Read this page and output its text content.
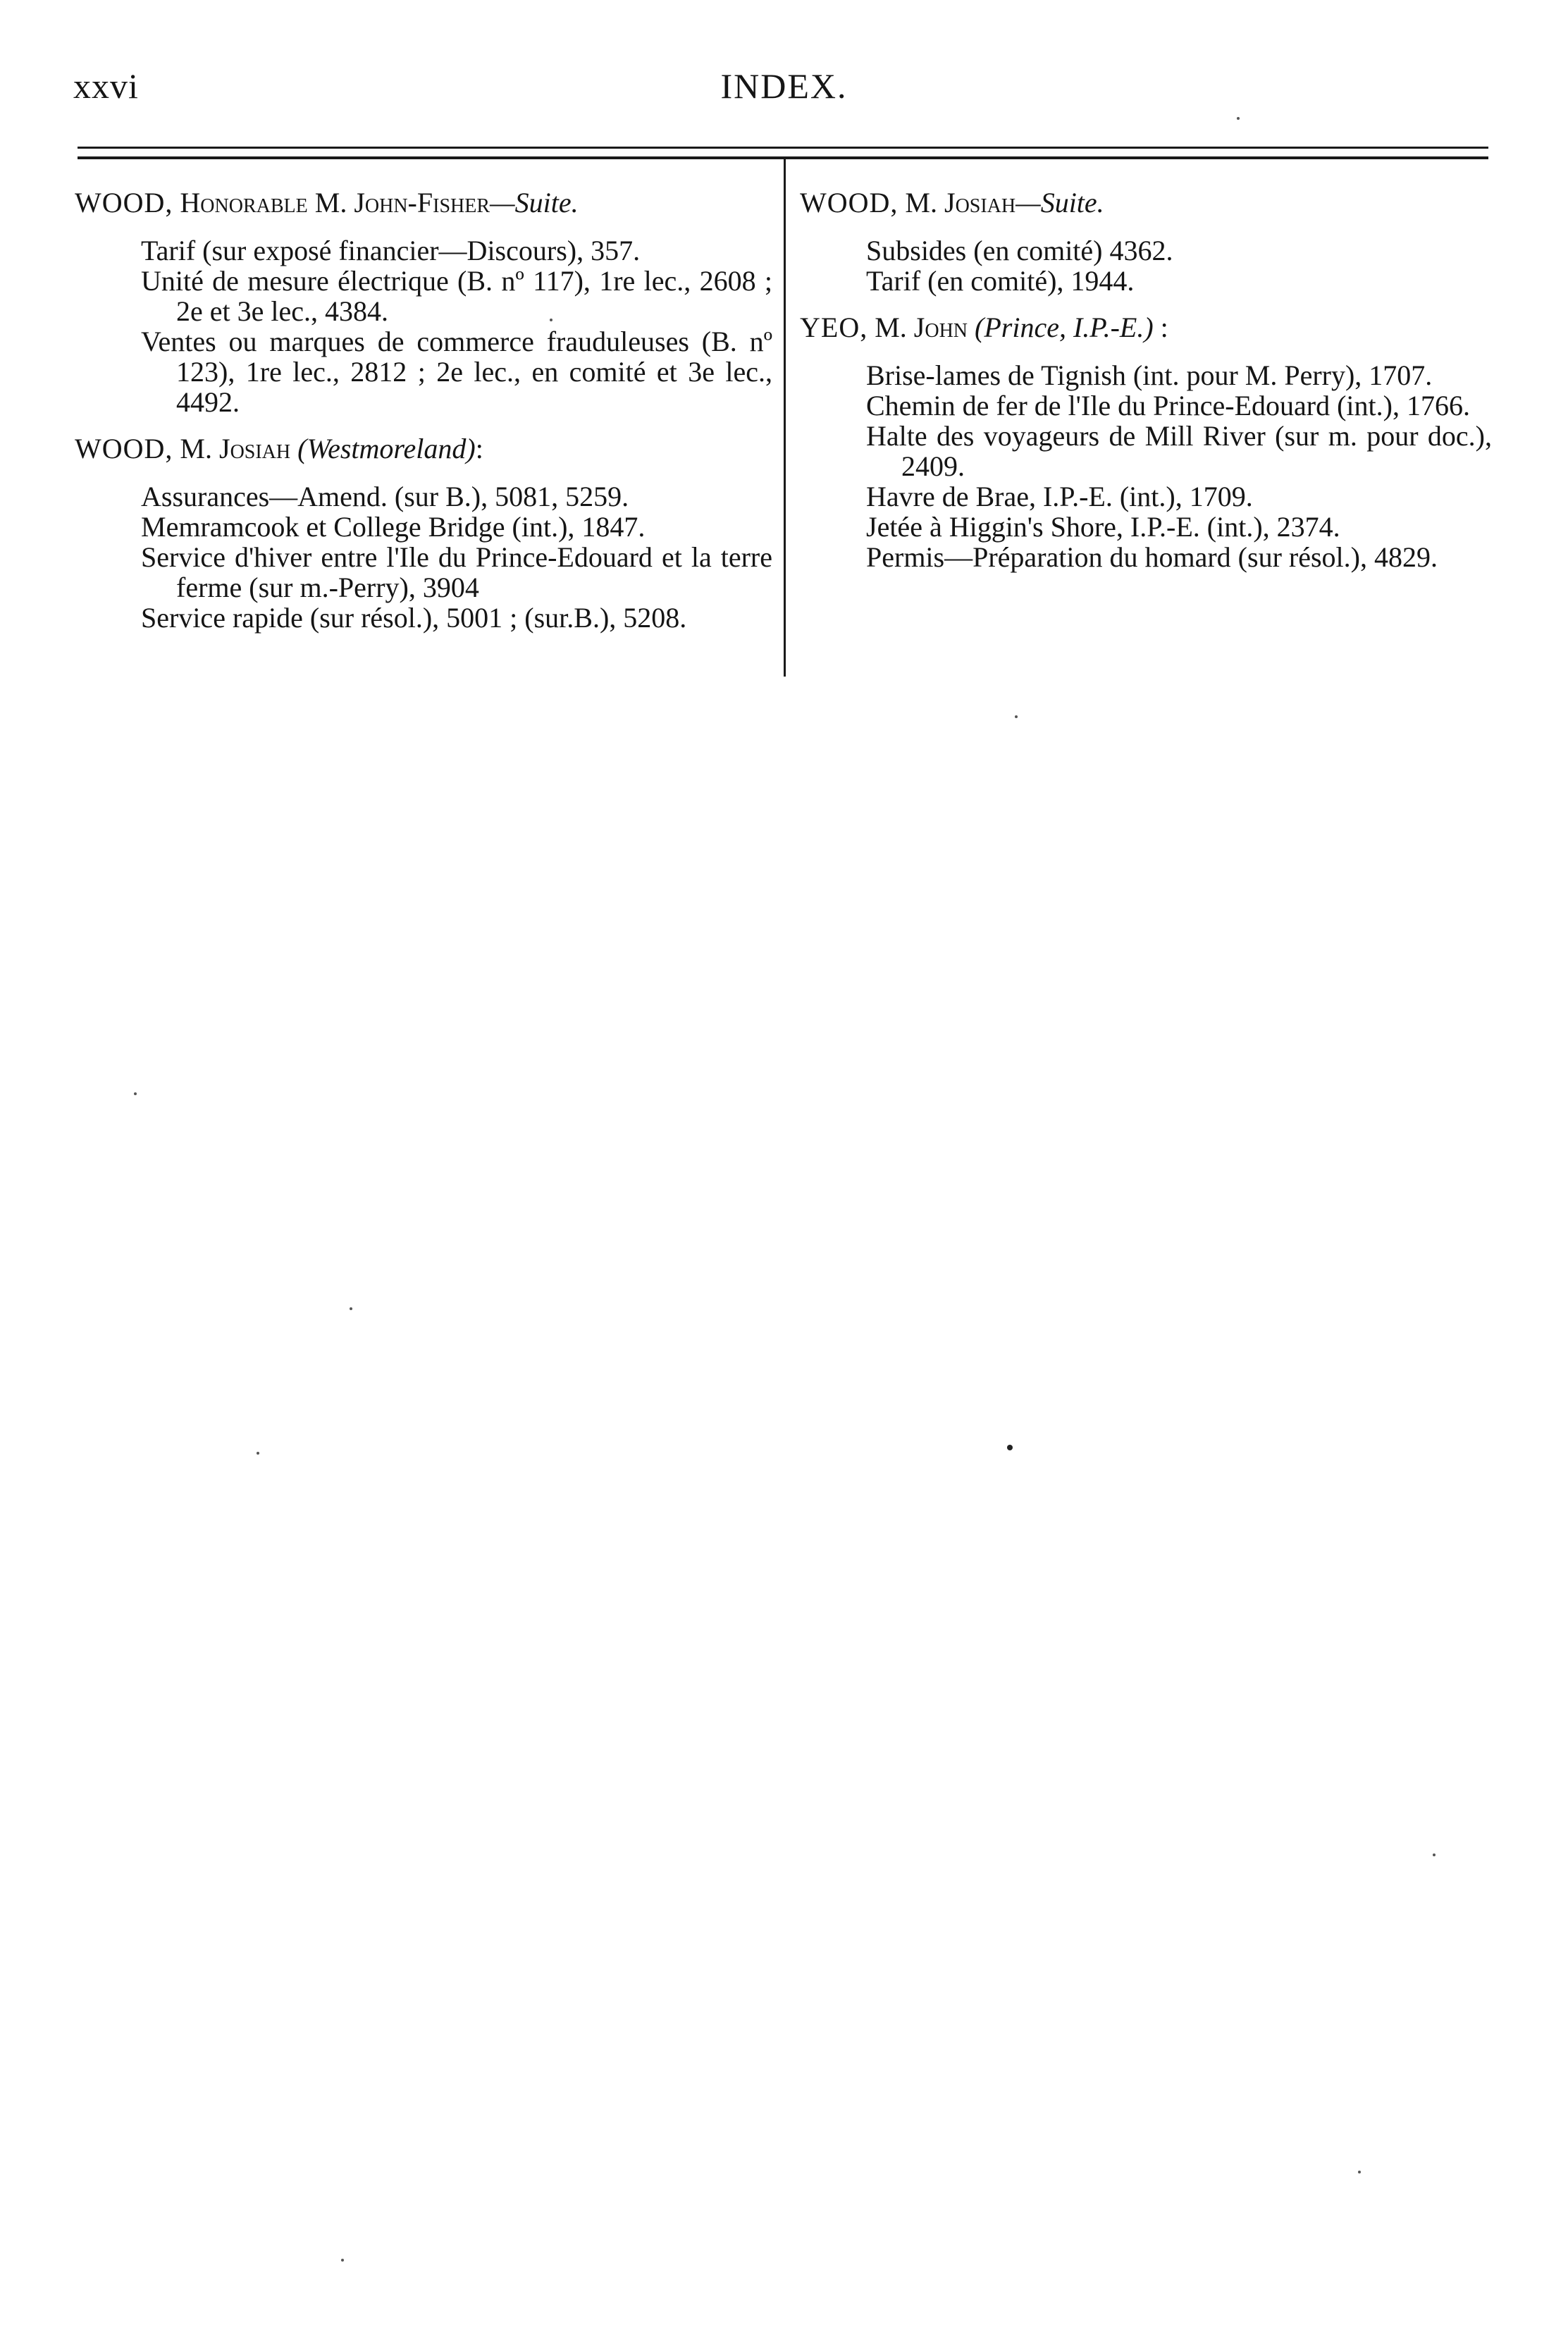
xxvi	INDEX.
WOOD, Honorable M. John-Fisher—Suite.
Tarif (sur exposé financier—Discours), 357.
Unité de mesure électrique (B. nº 117), 1re lec., 2608 ; 2e et 3e lec., 4384.
Ventes ou marques de commerce frauduleuses (B. nº 123), 1re lec., 2812 ; 2e lec., en comité et 3e lec., 4492.
WOOD, M. Josiah (Westmoreland):
Assurances—Amend. (sur B.), 5081, 5259.
Memramcook et College Bridge (int.), 1847.
Service d'hiver entre l'Ile du Prince-Edouard et la terre ferme (sur m.-Perry), 3904
Service rapide (sur résol.), 5001 ; (sur.B.), 5208.
WOOD, M. Josiah—Suite.
Subsides (en comité) 4362.
Tarif (en comité), 1944.
YEO, M. John (Prince, I.P.-E.) :
Brise-lames de Tignish (int. pour M. Perry), 1707.
Chemin de fer de l'Ile du Prince-Edouard (int.), 1766.
Halte des voyageurs de Mill River (sur m. pour doc.), 2409.
Havre de Brae, I.P.-E. (int.), 1709.
Jetée à Higgin's Shore, I.P.-E. (int.), 2374.
Permis—Préparation du homard (sur résol.), 4829.
